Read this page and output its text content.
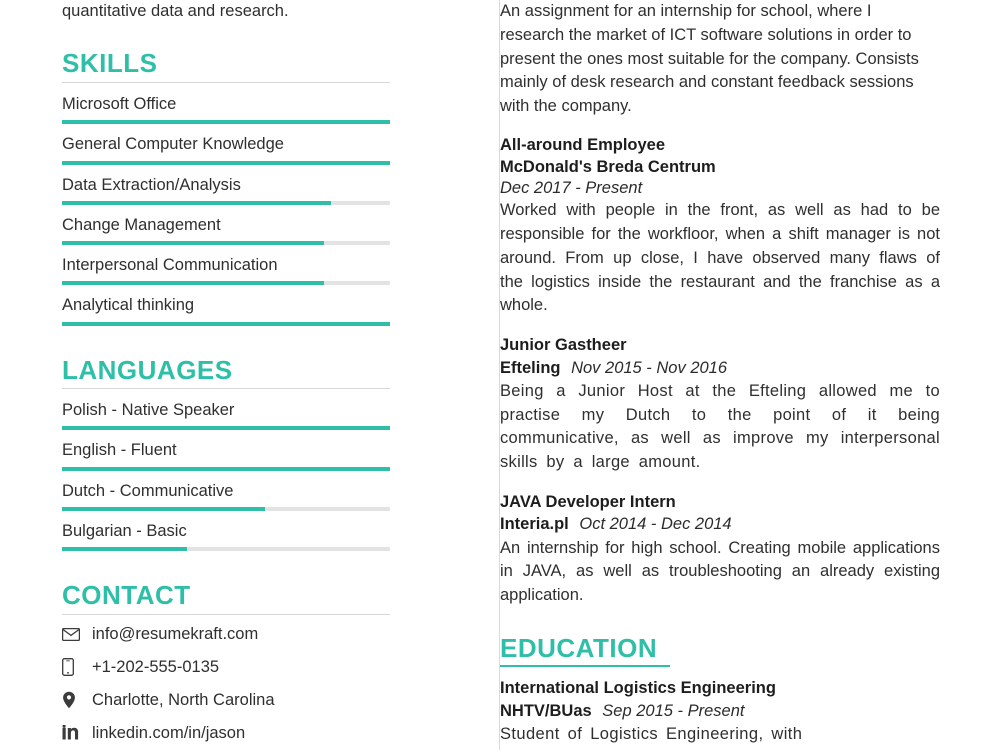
quantitative data and research.

SKILLS
Microsoft Office
General Computer Knowledge
Data Extraction/Analysis
Change Management
Interpersonal Communication
Analytical thinking
LANGUAGES
Polish - Native Speaker
English - Fluent
Dutch - Communicative
Bulgarian - Basic
CONTACT
info@resumekraft.com
+1-202-555-0135
Charlotte, North Carolina
linkedin.com/in/jason

An assignment for an internship for school, where I research the market of ICT software solutions in order to present the ones most suitable for the company. Consists mainly of desk research and constant feedback sessions with the company.

All-around Employee
McDonald's Breda Centrum
Dec 2017 - Present
Worked with people in the front, as well as had to be responsible for the workfloor, when a shift manager is not around. From up close, I have observed many flaws of the logistics inside the restaurant and the franchise as a whole.
Junior Gastheer
Efteling Nov 2015 - Nov 2016
Being a Junior Host at the Efteling allowed me to practise my Dutch to the point of it being communicative, as well as improve my interpersonal skills by a large amount.
JAVA Developer Intern
Interia.pl Oct 2014 - Dec 2014
An internship for high school. Creating mobile applications in JAVA, as well as troubleshooting an already existing application.
EDUCATION
International Logistics Engineering
NHTV/BUas Sep 2015 - Present
Student of Logistics Engineering, with
